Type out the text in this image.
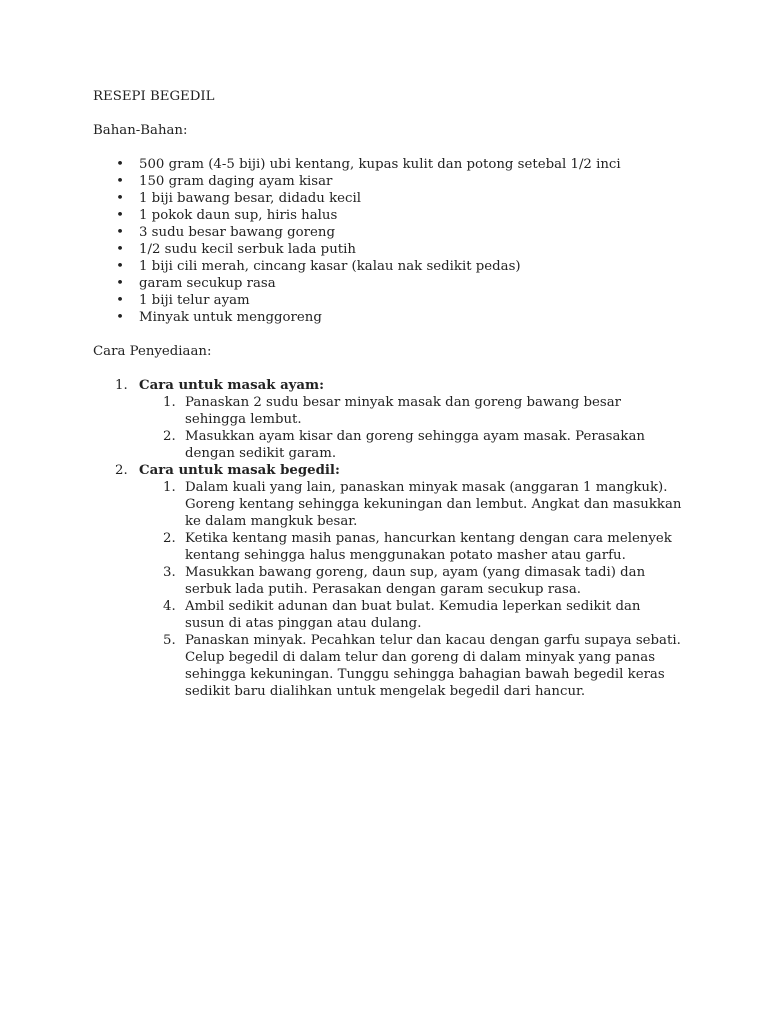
RESEPI BEGEDIL

Bahan-Bahan:

• 500 gram (4-5 biji) ubi kentang, kupas kulit dan potong setebal 1/2 inci
• 150 gram daging ayam kisar
• 1 biji bawang besar, didadu kecil
• 1 pokok daun sup, hiris halus
• 3 sudu besar bawang goreng
• 1/2 sudu kecil serbuk lada putih
• 1 biji cili merah, cincang kasar (kalau nak sedikit pedas)
• garam secukup rasa
• 1 biji telur ayam
• Minyak untuk menggoreng

Cara Penyediaan:

1. Cara untuk masak ayam:
1. Panaskan 2 sudu besar minyak masak dan goreng bawang besar sehingga lembut.
2. Masukkan ayam kisar dan goreng sehingga ayam masak. Perasakan dengan sedikit garam.
2. Cara untuk masak begedil:
1. Dalam kuali yang lain, panaskan minyak masak (anggaran 1 mangkuk). Goreng kentang sehingga kekuningan dan lembut. Angkat dan masukkan ke dalam mangkuk besar.
2. Ketika kentang masih panas, hancurkan kentang dengan cara melenyek kentang sehingga halus menggunakan potato masher atau garfu.
3. Masukkan bawang goreng, daun sup, ayam (yang dimasak tadi) dan serbuk lada putih. Perasakan dengan garam secukup rasa.
4. Ambil sedikit adunan dan buat bulat. Kemudia leperkan sedikit dan susun di atas pinggan atau dulang.
5. Panaskan minyak. Pecahkan telur dan kacau dengan garfu supaya sebati. Celup begedil di dalam telur dan goreng di dalam minyak yang panas sehingga kekuningan. Tunggu sehingga bahagian bawah begedil keras sedikit baru dialihkan untuk mengelak begedil dari hancur.
